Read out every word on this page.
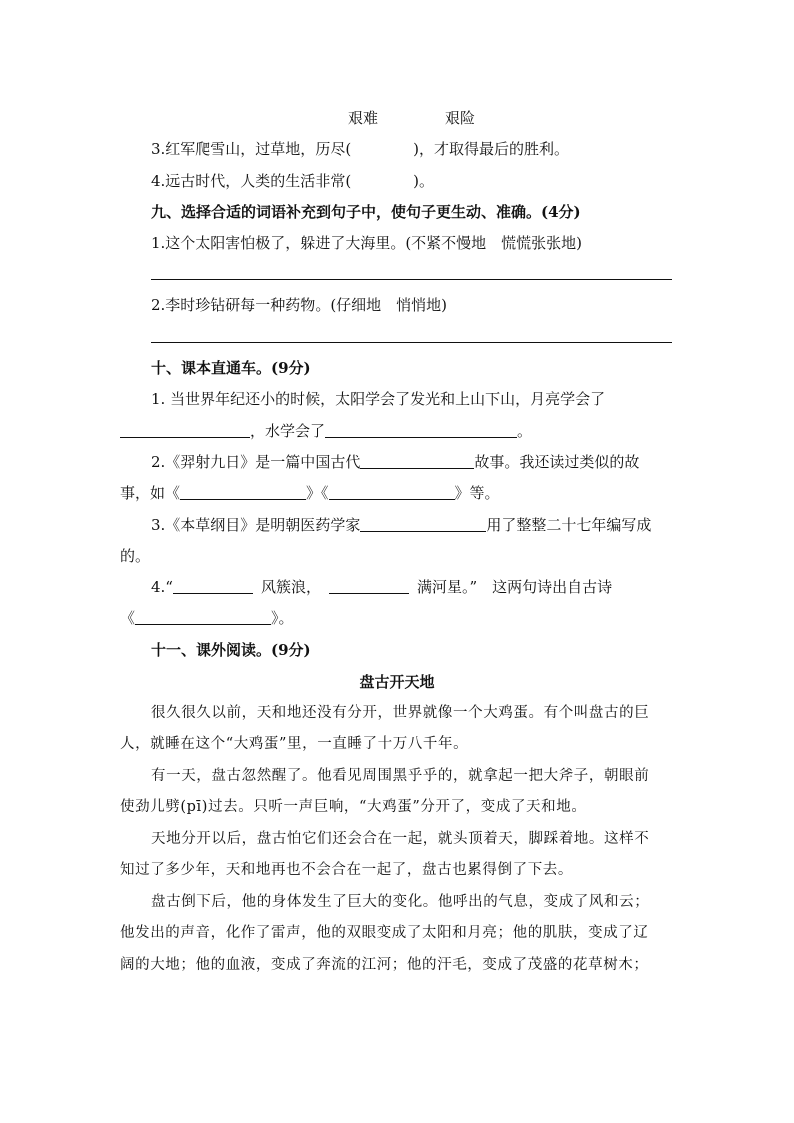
艰难	艰险
3.红军爬雪山，过草地，历尽(	)，才取得最后的胜利。
4.远古时代，人类的生活非常(	)。
九、选择合适的词语补充到句子中，使句子更生动、准确。(4分)
1.这个太阳害怕极了，躲进了大海里。(不紧不慢地　慌慌张张地)
2.李时珍钻研每一种药物。(仔细地　悄悄地)
十、课本直通车。(9分)
1. 当世界年纪还小的时候，太阳学会了发光和上山下山，月亮学会了
，水学会了	。
2.《羿射九日》是一篇中国古代	故事。我还读过类似的故
事，如《	》《	》等。
3.《本草纲目》是明朝医药学家	用了整整二十七年编写成
的。
4.“	风簇浪，	满河星。”　这两句诗出自古诗
《	》。
十一、课外阅读。(9分)
盘古开天地
很久很久以前，天和地还没有分开，世界就像一个大鸡蛋。有个叫盘古的巨
人，就睡在这个“大鸡蛋”里，一直睡了十万八千年。
有一天，盘古忽然醒了。他看见周围黑乎乎的，就拿起一把大斧子，朝眼前
使劲儿劈(pī)过去。只听一声巨响，“大鸡蛋”分开了，变成了天和地。
天地分开以后，盘古怕它们还会合在一起，就头顶着天，脚踩着地。这样不
知过了多少年，天和地再也不会合在一起了，盘古也累得倒了下去。
盘古倒下后，他的身体发生了巨大的变化。他呼出的气息，变成了风和云；
他发出的声音，化作了雷声，他的双眼变成了太阳和月亮；他的肌肤，变成了辽
阔的大地；他的血液，变成了奔流的江河；他的汗毛，变成了茂盛的花草树木；
